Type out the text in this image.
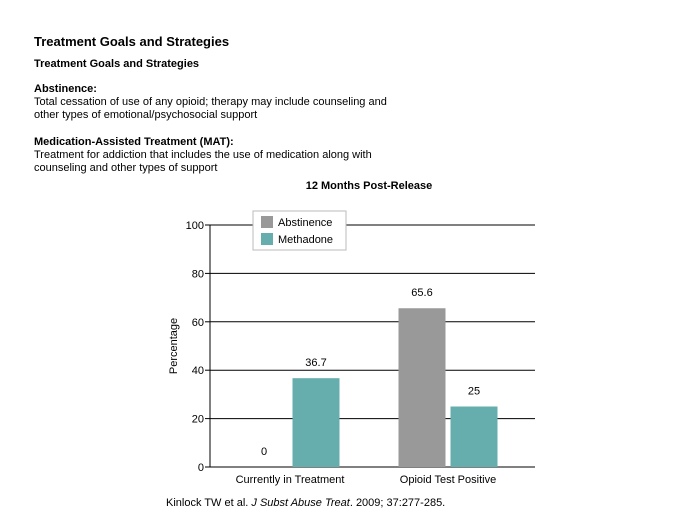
Treatment Goals and Strategies
Treatment Goals and Strategies
Abstinence:
Total cessation of use of any opioid; therapy may include counseling and
other types of emotional/psychosocial support
Medication-Assisted Treatment (MAT):
Treatment for addiction that includes the use of medication along with
counseling and other types of support
12 Months Post-Release
0
20
40
60
80
100
Percentage
0
36.7
Currently in Treatment
65.6
25
Opioid Test Positive
Abstinence
Methadone
Kinlock TW et al. J Subst Abuse Treat. 2009; 37:277-285.
